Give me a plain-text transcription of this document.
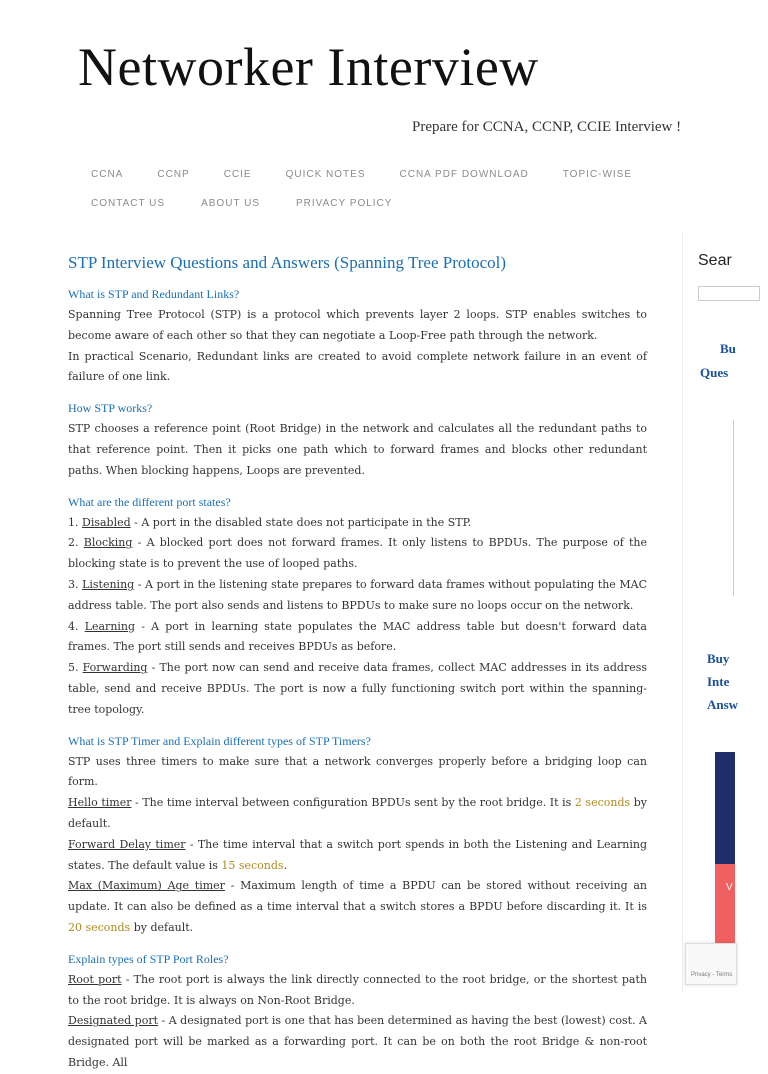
Networker Interview
Prepare for CCNA, CCNP, CCIE Interview !
CCNA	CCNP	CCIE	QUICK NOTES	CCNA PDF DOWNLOAD	TOPIC-WISE
CONTACT US	ABOUT US	PRIVACY POLICY
STP Interview Questions and Answers (Spanning Tree Protocol)

What is STP and Redundant Links?

Spanning Tree Protocol (STP) is a protocol which prevents layer 2 loops. STP enables switches to become aware of each other so that they can negotiate a Loop-Free path through the network.

In practical Scenario, Redundant links are created to avoid complete network failure in an event of failure of one link.

How STP works?

STP chooses a reference point (Root Bridge) in the network and calculates all the redundant paths to that reference point. Then it picks one path which to forward frames and blocks other redundant paths. When blocking happens, Loops are prevented.

What are the different port states?

1. Disabled - A port in the disabled state does not participate in the STP.

2. Blocking - A blocked port does not forward frames. It only listens to BPDUs. The purpose of the blocking state is to prevent the use of looped paths.

3. Listening - A port in the listening state prepares to forward data frames without populating the MAC address table. The port also sends and listens to BPDUs to make sure no loops occur on the network.

4. Learning - A port in learning state populates the MAC address table but doesn't forward data frames. The port still sends and receives BPDUs as before.

5. Forwarding - The port now can send and receive data frames, collect MAC addresses in its address table, send and receive BPDUs. The port is now a fully functioning switch port within the spanning-tree topology.

What is STP Timer and Explain different types of STP Timers?

STP uses three timers to make sure that a network converges properly before a bridging loop can form.

Hello timer - The time interval between configuration BPDUs sent by the root bridge. It is 2 seconds by default.

Forward Delay timer - The time interval that a switch port spends in both the Listening and Learning states. The default value is 15 seconds.

Max (Maximum) Age timer - Maximum length of time a BPDU can be stored without receiving an update. It can also be defined as a time interval that a switch stores a BPDU before discarding it. It is 20 seconds by default.

Explain types of STP Port Roles?

Root port - The root port is always the link directly connected to the root bridge, or the shortest path to the root bridge. It is always on Non-Root Bridge.

Designated port - A designated port is one that has been determined as having the best (lowest) cost. A designated port will be marked as a forwarding port. It can be on both the root Bridge & non-root Bridge. All

Sear
Bu
Ques
Buy
Inte
Answ
V
Privacy - Terms
